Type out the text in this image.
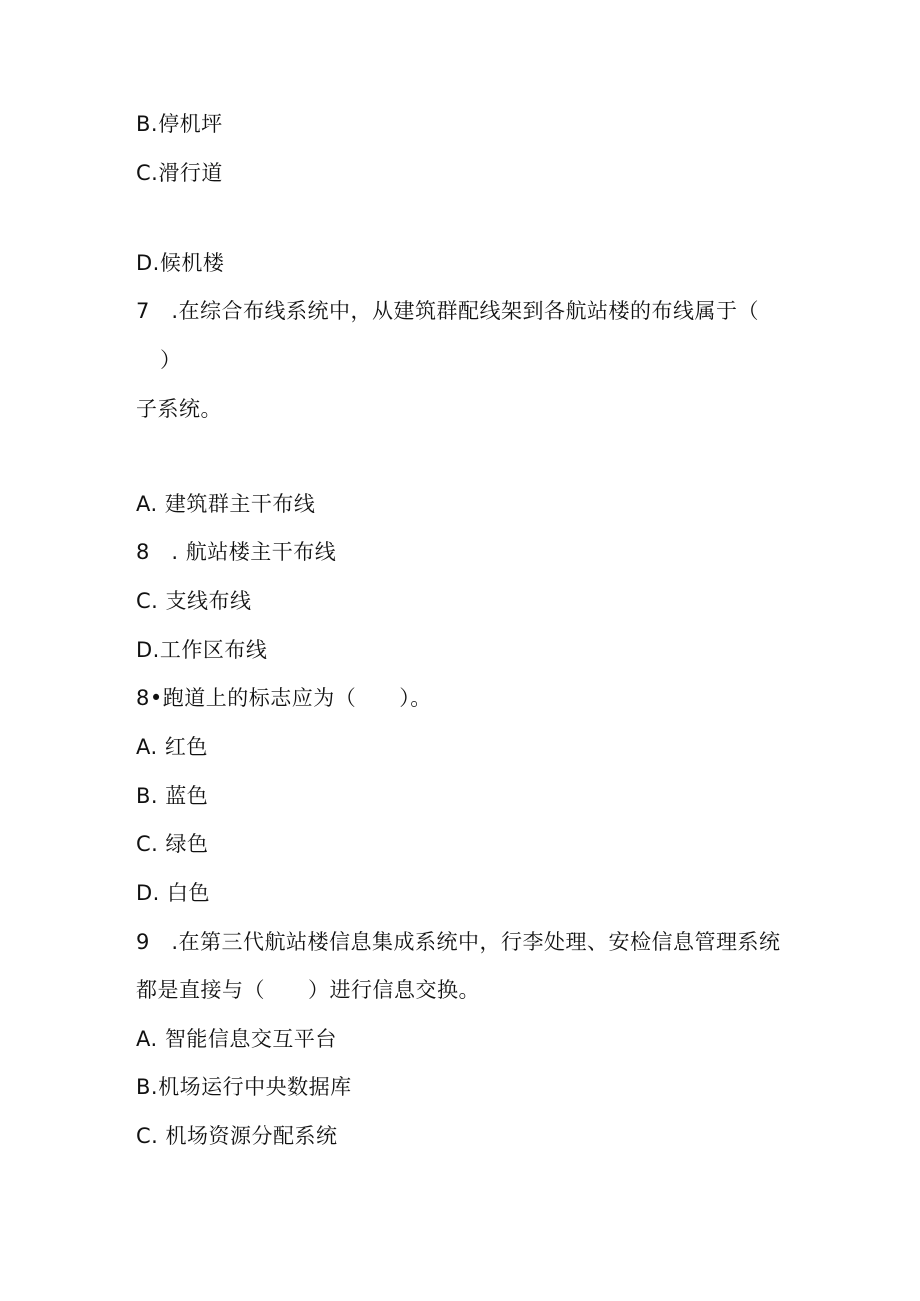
B.停机坪
C.滑行道
D.候机楼
7　.在综合布线系统中，从建筑群配线架到各航站楼的布线属于（
）
子系统。
A. 建筑群主干布线
8　. 航站楼主干布线
C. 支线布线
D.工作区布线
8•跑道上的标志应为（　　）。
A. 红色
B. 蓝色
C. 绿色
D. 白色
9　.在第三代航站楼信息集成系统中，行李处理、安检信息管理系统
都是直接与（　　）进行信息交换。
A. 智能信息交互平台
B.机场运行中央数据库
C. 机场资源分配系统
